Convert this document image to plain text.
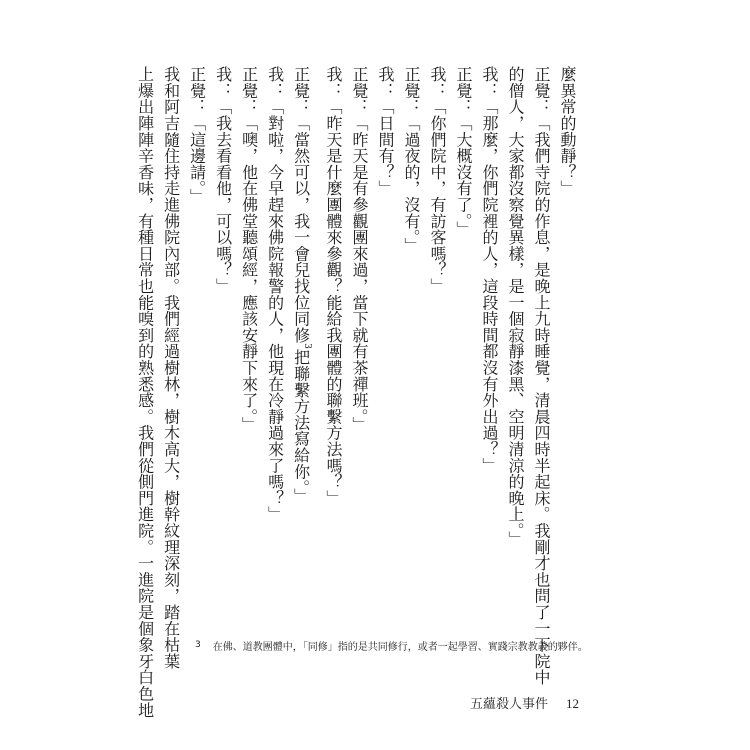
麼異常的動靜？」

正覺：「我們寺院的作息，是晚上九時睡覺，清晨四時半起床。我剛才也問了一下院中

的僧人，大家都沒察覺異樣，是一個寂靜漆黑、空明清涼的晚上。」

我：「那麼，你們院裡的人，這段時間都沒有外出過？」

正覺：「大概沒有了。」

我：「你們院中，有訪客嗎？」

正覺：「過夜的，沒有。」

我：「日間有？」

正覺：「昨天是有參觀團來過，當下就有茶禪班。」

我：「昨天是什麼團體來參觀？能給我團體的聯繫方法嗎？」

正覺：「當然可以，我一會兒找位同修$^3$把聯繫方法寫給你。」

我：「對啦，今早趕來佛院報警的人，他現在冷靜過來了嗎？」

正覺：「噢，他在佛堂聽頌經，應該安靜下來了。」

我：「我去看看他，可以嗎？」

正覺：「這邊請。」

我和阿吉隨住持走進佛院內部。我們經過樹林，樹木高大，樹幹紋理深刻，踏在枯葉

上爆出陣陣辛香味，有種日常也能嗅到的熟悉感。我們從側門進院。一進院是個象牙白色地	3 在佛、道教團體中，「同修」指的是共同修行，或者一起學習、實踐宗教教義的夥伴。
五蘊殺人事件 12
